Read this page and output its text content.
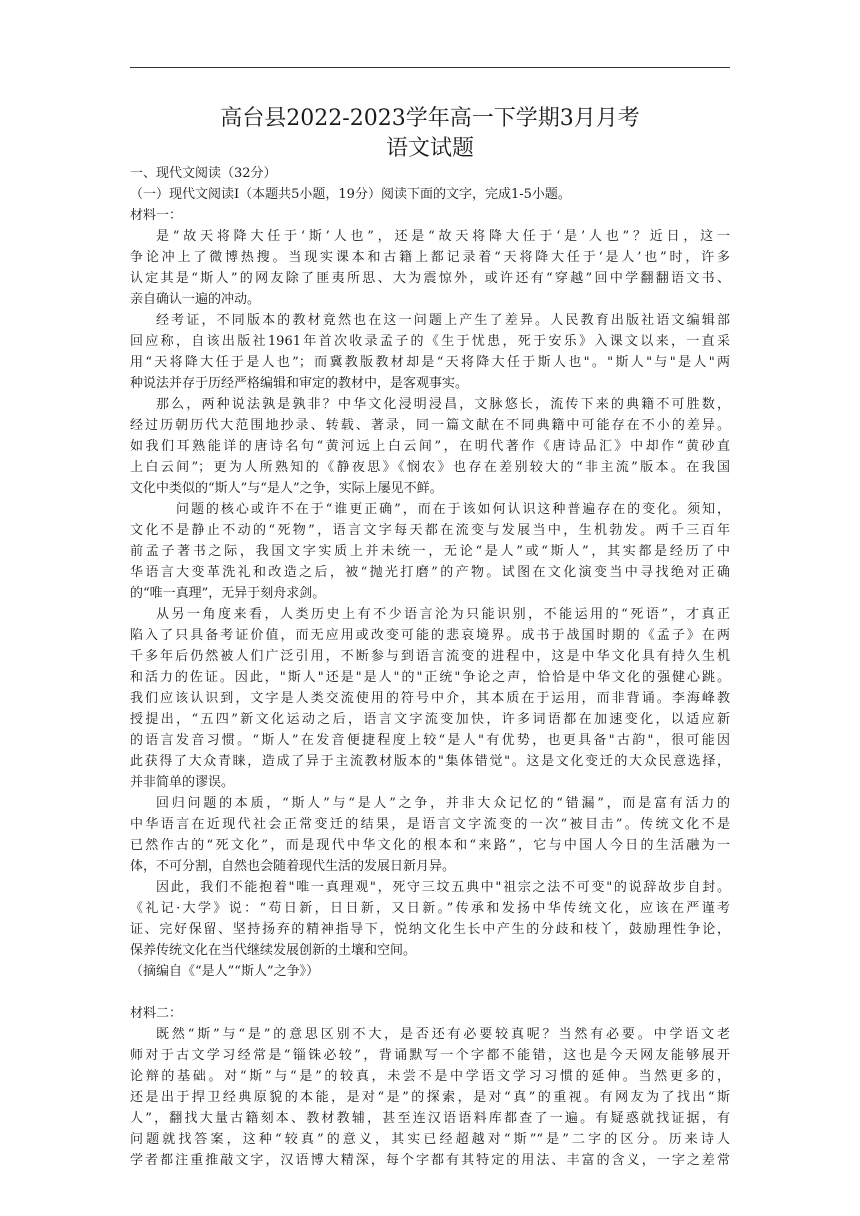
高台县2022-2023学年高一下学期3月月考
语文试题
一、现代文阅读（32分）
（一）现代文阅读I（本题共5小题，19分）阅读下面的文字，完成1-5小题。
材料一：
是“故天将降大任于‘斯’人也”，还是“故天将降大任于‘是’人也”？近日，这一
争论冲上了微博热搜。当现实课本和古籍上都记录着“天将降大任于‘是人’也”时，许多
认定其是“斯人”的网友除了匪夷所思、大为震惊外，或许还有“穿越”回中学翻翻语文书、
亲自确认一遍的冲动。
经考证，不同版本的教材竟然也在这一问题上产生了差异。人民教育出版社语文编辑部
回应称，自该出版社1961年首次收录孟子的《生于忧患，死于安乐》入课文以来，一直采
用“天将降大任于是人也”；而冀教版教材却是“天将降大任于斯人也"。"斯人"与"是人"两
种说法并存于历经严格编辑和审定的教材中，是客观事实。
那么，两种说法孰是孰非？中华文化浸明浸昌，文脉悠长，流传下来的典籍不可胜数，
经过历朝历代大范围地抄录、转载、著录，同一篇文献在不同典籍中可能存在不小的差异。
如我们耳熟能详的唐诗名句“黄河远上白云间”，在明代著作《唐诗品汇》中却作“黄砂直
上白云间”；更为人所熟知的《静夜思》《悯农》也存在差别较大的“非主流”版本。在我国
文化中类似的“斯人”与“是人”之争，实际上屡见不鲜。
问题的核心或许不在于“谁更正确”，而在于该如何认识这种普遍存在的变化。须知，
文化不是静止不动的“死物”，语言文字每天都在流变与发展当中，生机勃发。两千三百年
前孟子著书之际，我国文字实质上并未统一，无论“是人”或“斯人”，其实都是经历了中
华语言大变革洗礼和改造之后，被“抛光打磨”的产物。试图在文化演变当中寻找绝对正确
的“唯一真理”，无异于刻舟求剑。
从另一角度来看，人类历史上有不少语言沦为只能识别，不能运用的“死语”，才真正
陷入了只具备考证价值，而无应用或改变可能的悲哀境界。成书于战国时期的《孟子》在两
千多年后仍然被人们广泛引用，不断参与到语言流变的进程中，这是中华文化具有持久生机
和活力的佐证。因此，"斯人"还是"是人"的"正统"争论之声，恰恰是中华文化的强健心跳。
我们应该认识到，文字是人类交流使用的符号中介，其本质在于运用，而非背诵。李海峰教
授提出，“五四”新文化运动之后，语言文字流变加快，许多词语都在加速变化，以适应新
的语言发音习惯。“斯人”在发音便捷程度上较“是人"有优势，也更具备"古韵"，很可能因
此获得了大众青睐，造成了异于主流教材版本的"集体错觉"。这是文化变迁的大众民意选择，
并非简单的谬误。
回归问题的本质，“斯人”与“是人”之争，并非大众记忆的“错漏”，而是富有活力的
中华语言在近现代社会正常变迁的结果，是语言文字流变的一次“被目击”。传统文化不是
已然作古的“死文化”，而是现代中华文化的根本和“来路”，它与中国人今日的生活融为一
体，不可分割，自然也会随着现代生活的发展日新月异。
因此，我们不能抱着"唯一真理观"，死守三坟五典中"祖宗之法不可变"的说辞故步自封。
《礼记·大学》说：“苟日新，日日新，又日新。”传承和发扬中华传统文化，应该在严谨考
证、完好保留、坚持扬弃的精神指导下，悦纳文化生长中产生的分歧和枝丫，鼓励理性争论，
保养传统文化在当代继续发展创新的土壤和空间。
（摘编自《“是人”“斯人”之争》）
材料二：
既然“斯”与“是”的意思区别不大，是否还有必要较真呢？当然有必要。中学语文老
师对于古文学习经常是“锱铢必较”，背诵默写一个字都不能错，这也是今天网友能够展开
论辩的基础。对“斯”与“是”的较真，未尝不是中学语文学习习惯的延伸。当然更多的，
还是出于捍卫经典原貌的本能，是对“是”的探索，是对“真”的重视。有网友为了找出“斯
人”，翻找大量古籍刻本、教材教辅，甚至连汉语语料库都查了一遍。有疑惑就找证据，有
问题就找答案，这种“较真”的意义，其实已经超越对“斯”“是”二字的区分。历来诗人
学者都注重推敲文字，汉语博大精深，每个字都有其特定的用法、丰富的含义，一字之差常
